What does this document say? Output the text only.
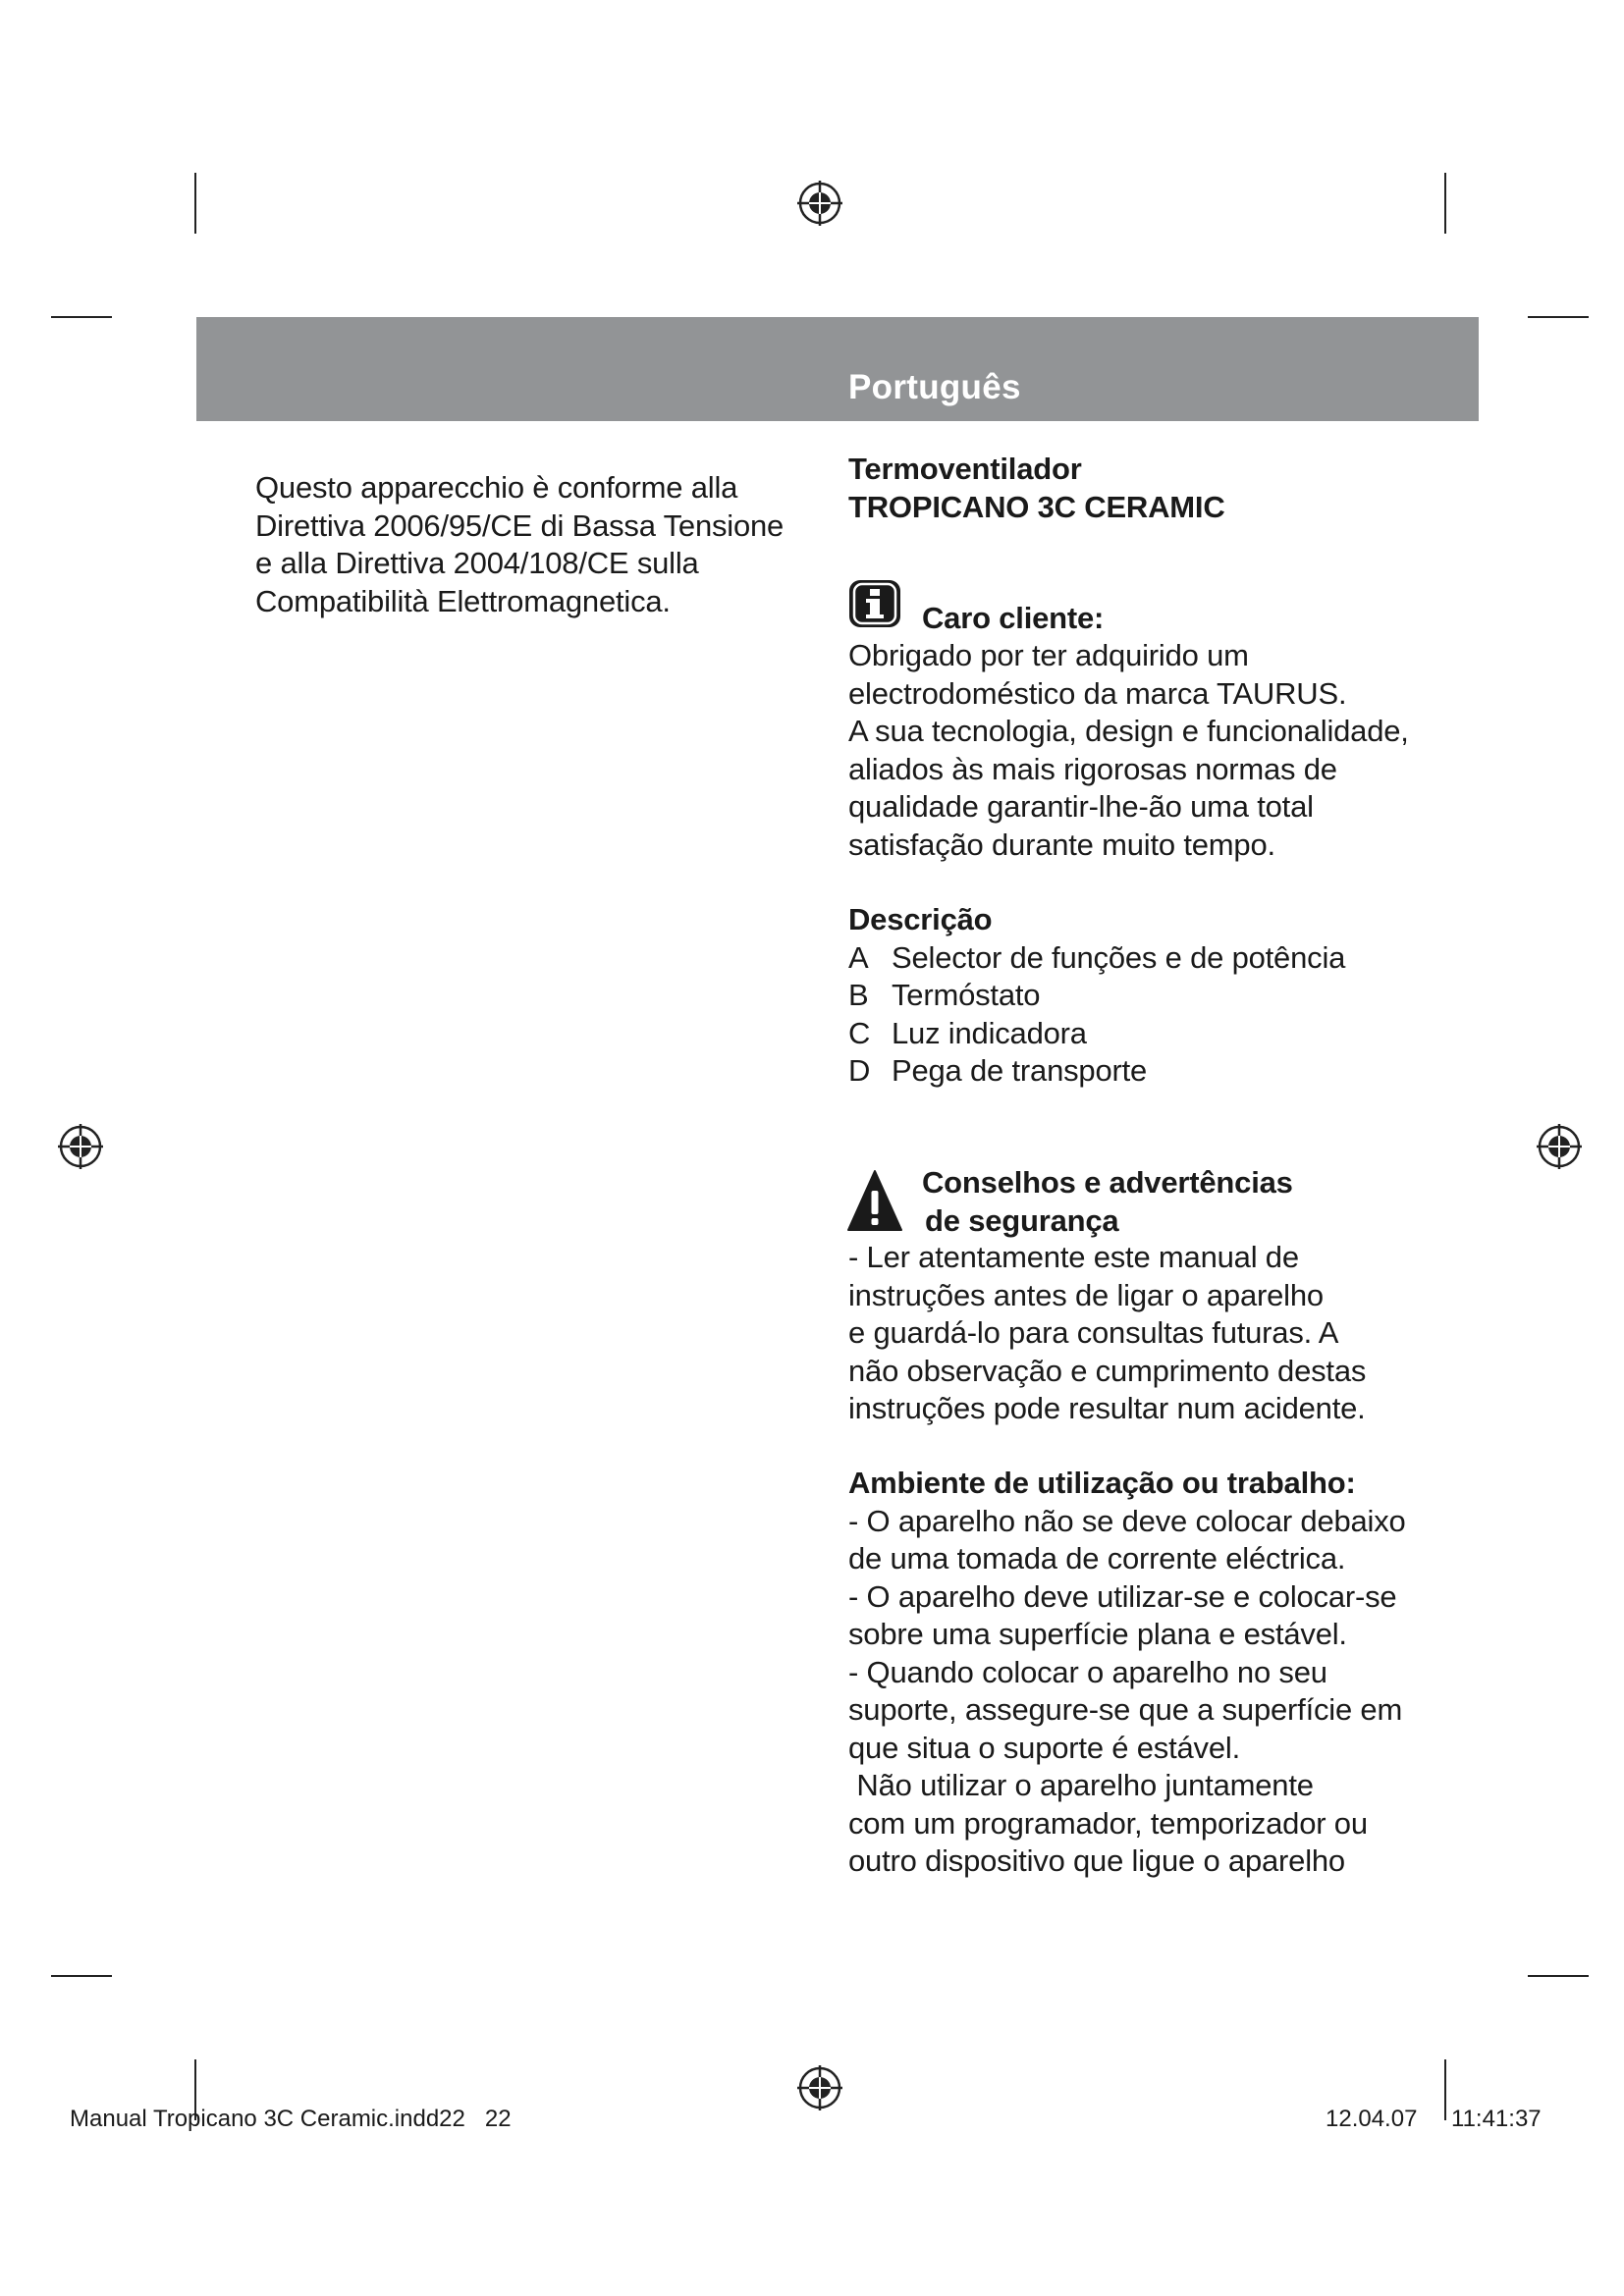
Português
Questo apparecchio è conforme alla
Direttiva 2006/95/CE di Bassa Tensione
e alla Direttiva 2004/108/CE sulla
Compatibilità Elettromagnetica.
Termoventilador
TROPICANO 3C CERAMIC
Caro cliente:
Obrigado por ter adquirido um
electrodoméstico da marca TAURUS.
A sua tecnologia, design e funcionalidade,
aliados às mais rigorosas normas de
qualidade garantir-lhe-ão uma total
satisfação durante muito tempo.
Descrição
A Selector de funções e de potência
B Termóstato
C Luz indicadora
D Pega de transporte
Conselhos e advertências
de segurança
- Ler atentamente este manual de
instruções antes de ligar o aparelho
e guardá-lo para consultas futuras. A
não observação e cumprimento destas
instruções pode resultar num acidente.
Ambiente de utilização ou trabalho:
- O aparelho não se deve colocar debaixo
de uma tomada de corrente eléctrica.
- O aparelho deve utilizar-se e colocar-se
sobre uma superfície plana e estável.
- Quando colocar o aparelho no seu
suporte, assegure-se que a superfície em
que situa o suporte é estável.
Não utilizar o aparelho juntamente
com um programador, temporizador ou
outro dispositivo que ligue o aparelho
Manual Tropicano 3C Ceramic.indd22   22	12.04.07 11:41:37
